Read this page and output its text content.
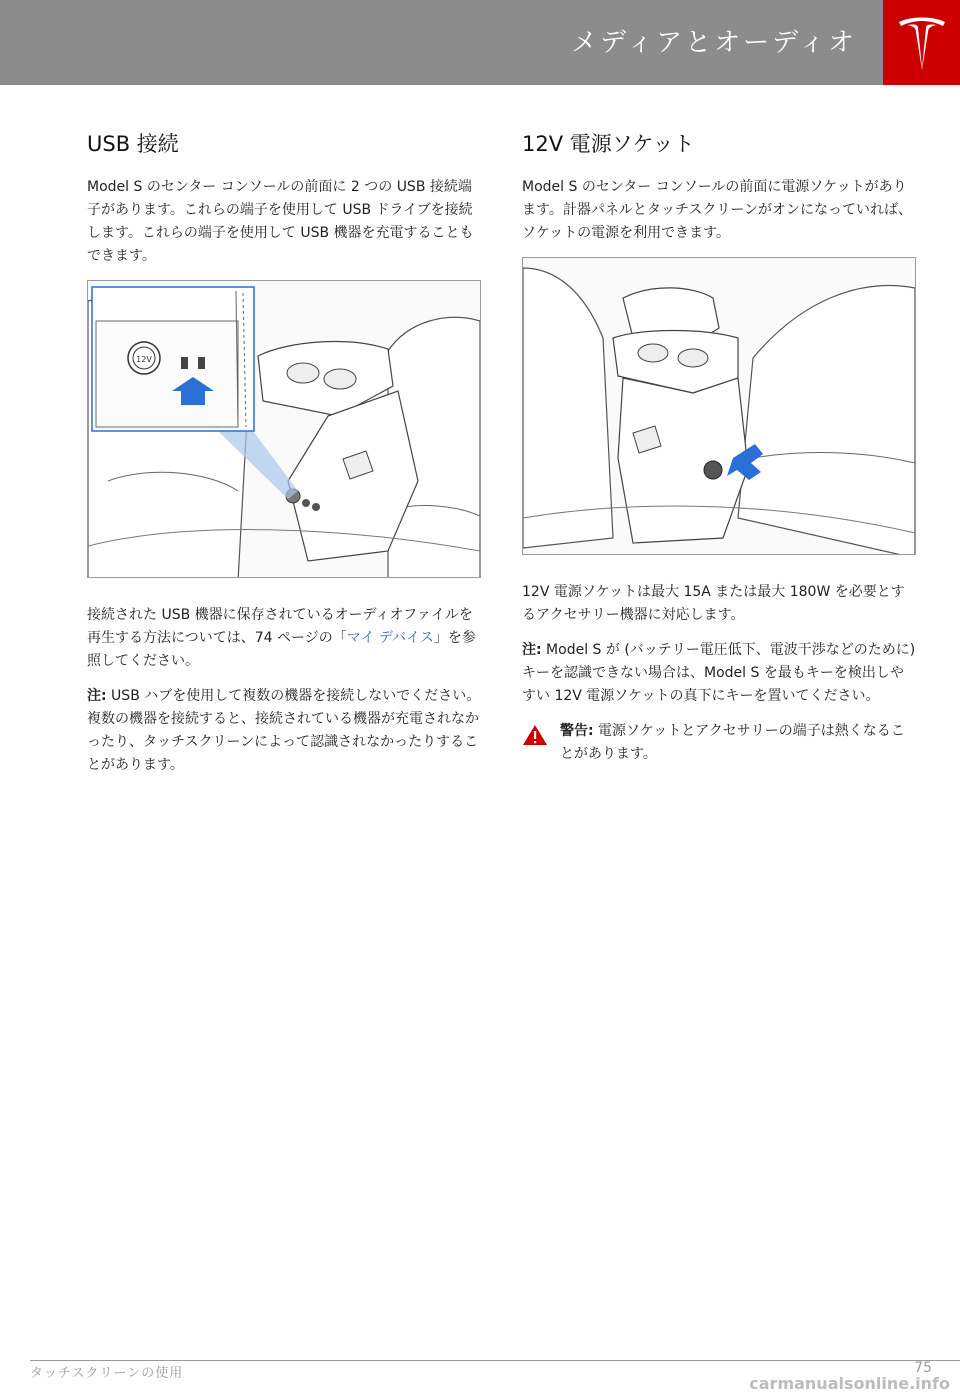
メディアとオーディオ
USB 接続

Model S のセンター コンソールの前面に 2 つの USB 接続端子があります。これらの端子を使用して USB ドライブを接続します。これらの端子を使用して USB 機器を充電することもできます。

12V

接続された USB 機器に保存されているオーディオファイルを再生する方法については、74 ページの「マイ デバイス」を参照してください。

注: USB ハブを使用して複数の機器を接続しないでください。複数の機器を接続すると、接続されている機器が充電されなかったり、タッチスクリーンによって認識されなかったりすることがあります。

12V 電源ソケット

Model S のセンター コンソールの前面に電源ソケットがあります。計器パネルとタッチスクリーンがオンになっていれば、ソケットの電源を利用できます。

12V 電源ソケットは最大 15A または最大 180W を必要とするアクセサリー機器に対応します。

注: Model S が (バッテリー電圧低下、電波干渉などのために) キーを認識できない場合は、Model S を最もキーを検出しやすい 12V 電源ソケットの真下にキーを置いてください。

警告: 電源ソケットとアクセサリーの端子は熱くなることがあります。

タッチスクリーンの使用	75
carmanualsonline.info
